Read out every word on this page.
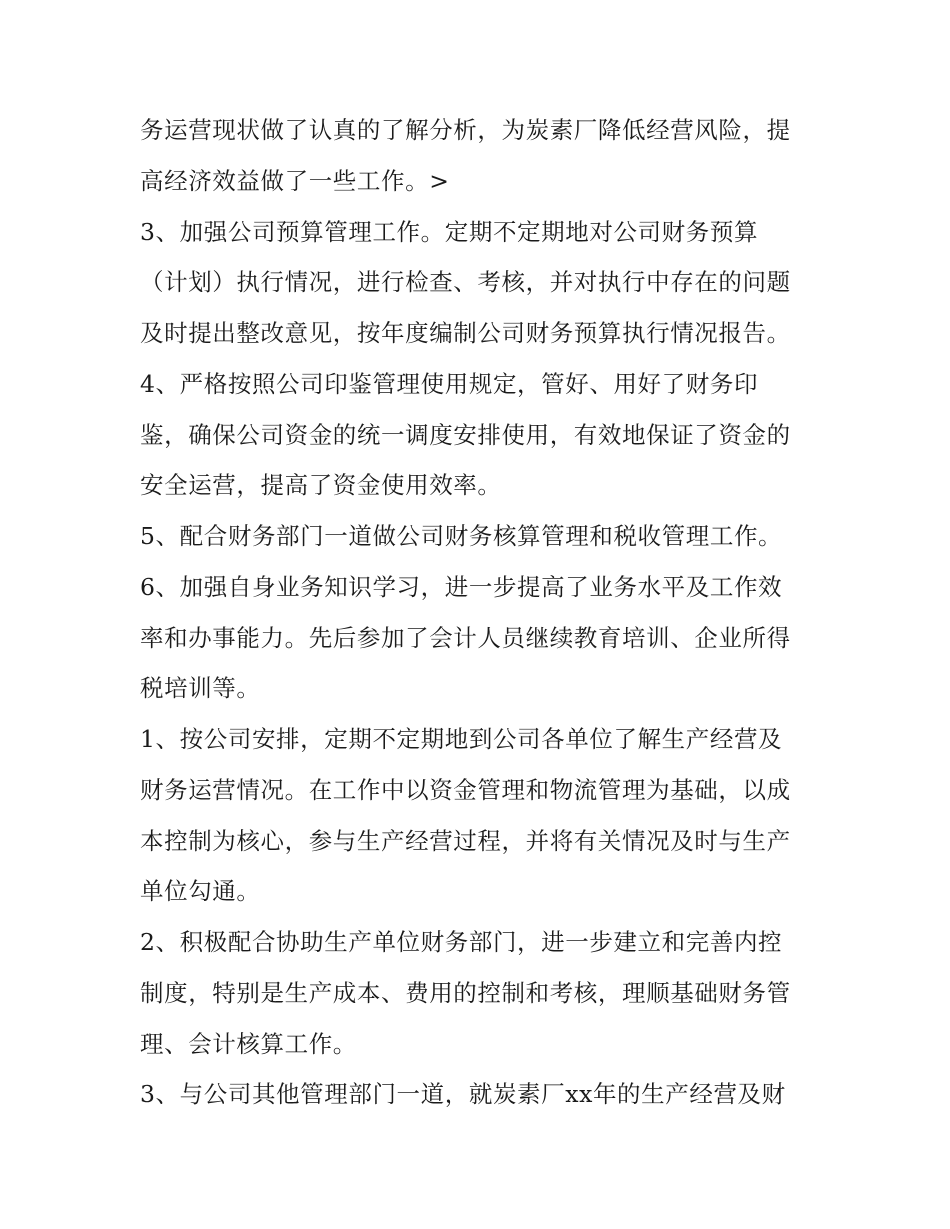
务运营现状做了认真的了解分析，为炭素厂降低经营风险，提
高经济效益做了一些工作。>
3、加强公司预算管理工作。定期不定期地对公司财务预算
（计划）执行情况，进行检查、考核，并对执行中存在的问题
及时提出整改意见，按年度编制公司财务预算执行情况报告。
4、严格按照公司印鉴管理使用规定，管好、用好了财务印
鉴，确保公司资金的统一调度安排使用，有效地保证了资金的
安全运营，提高了资金使用效率。
5、配合财务部门一道做公司财务核算管理和税收管理工作。
6、加强自身业务知识学习，进一步提高了业务水平及工作效
率和办事能力。先后参加了会计人员继续教育培训、企业所得
税培训等。
1、按公司安排，定期不定期地到公司各单位了解生产经营及
财务运营情况。在工作中以资金管理和物流管理为基础，以成
本控制为核心，参与生产经营过程，并将有关情况及时与生产
单位勾通。
2、积极配合协助生产单位财务部门，进一步建立和完善内控
制度，特别是生产成本、费用的控制和考核，理顺基础财务管
理、会计核算工作。
3、与公司其他管理部门一道，就炭素厂xx年的生产经营及财
